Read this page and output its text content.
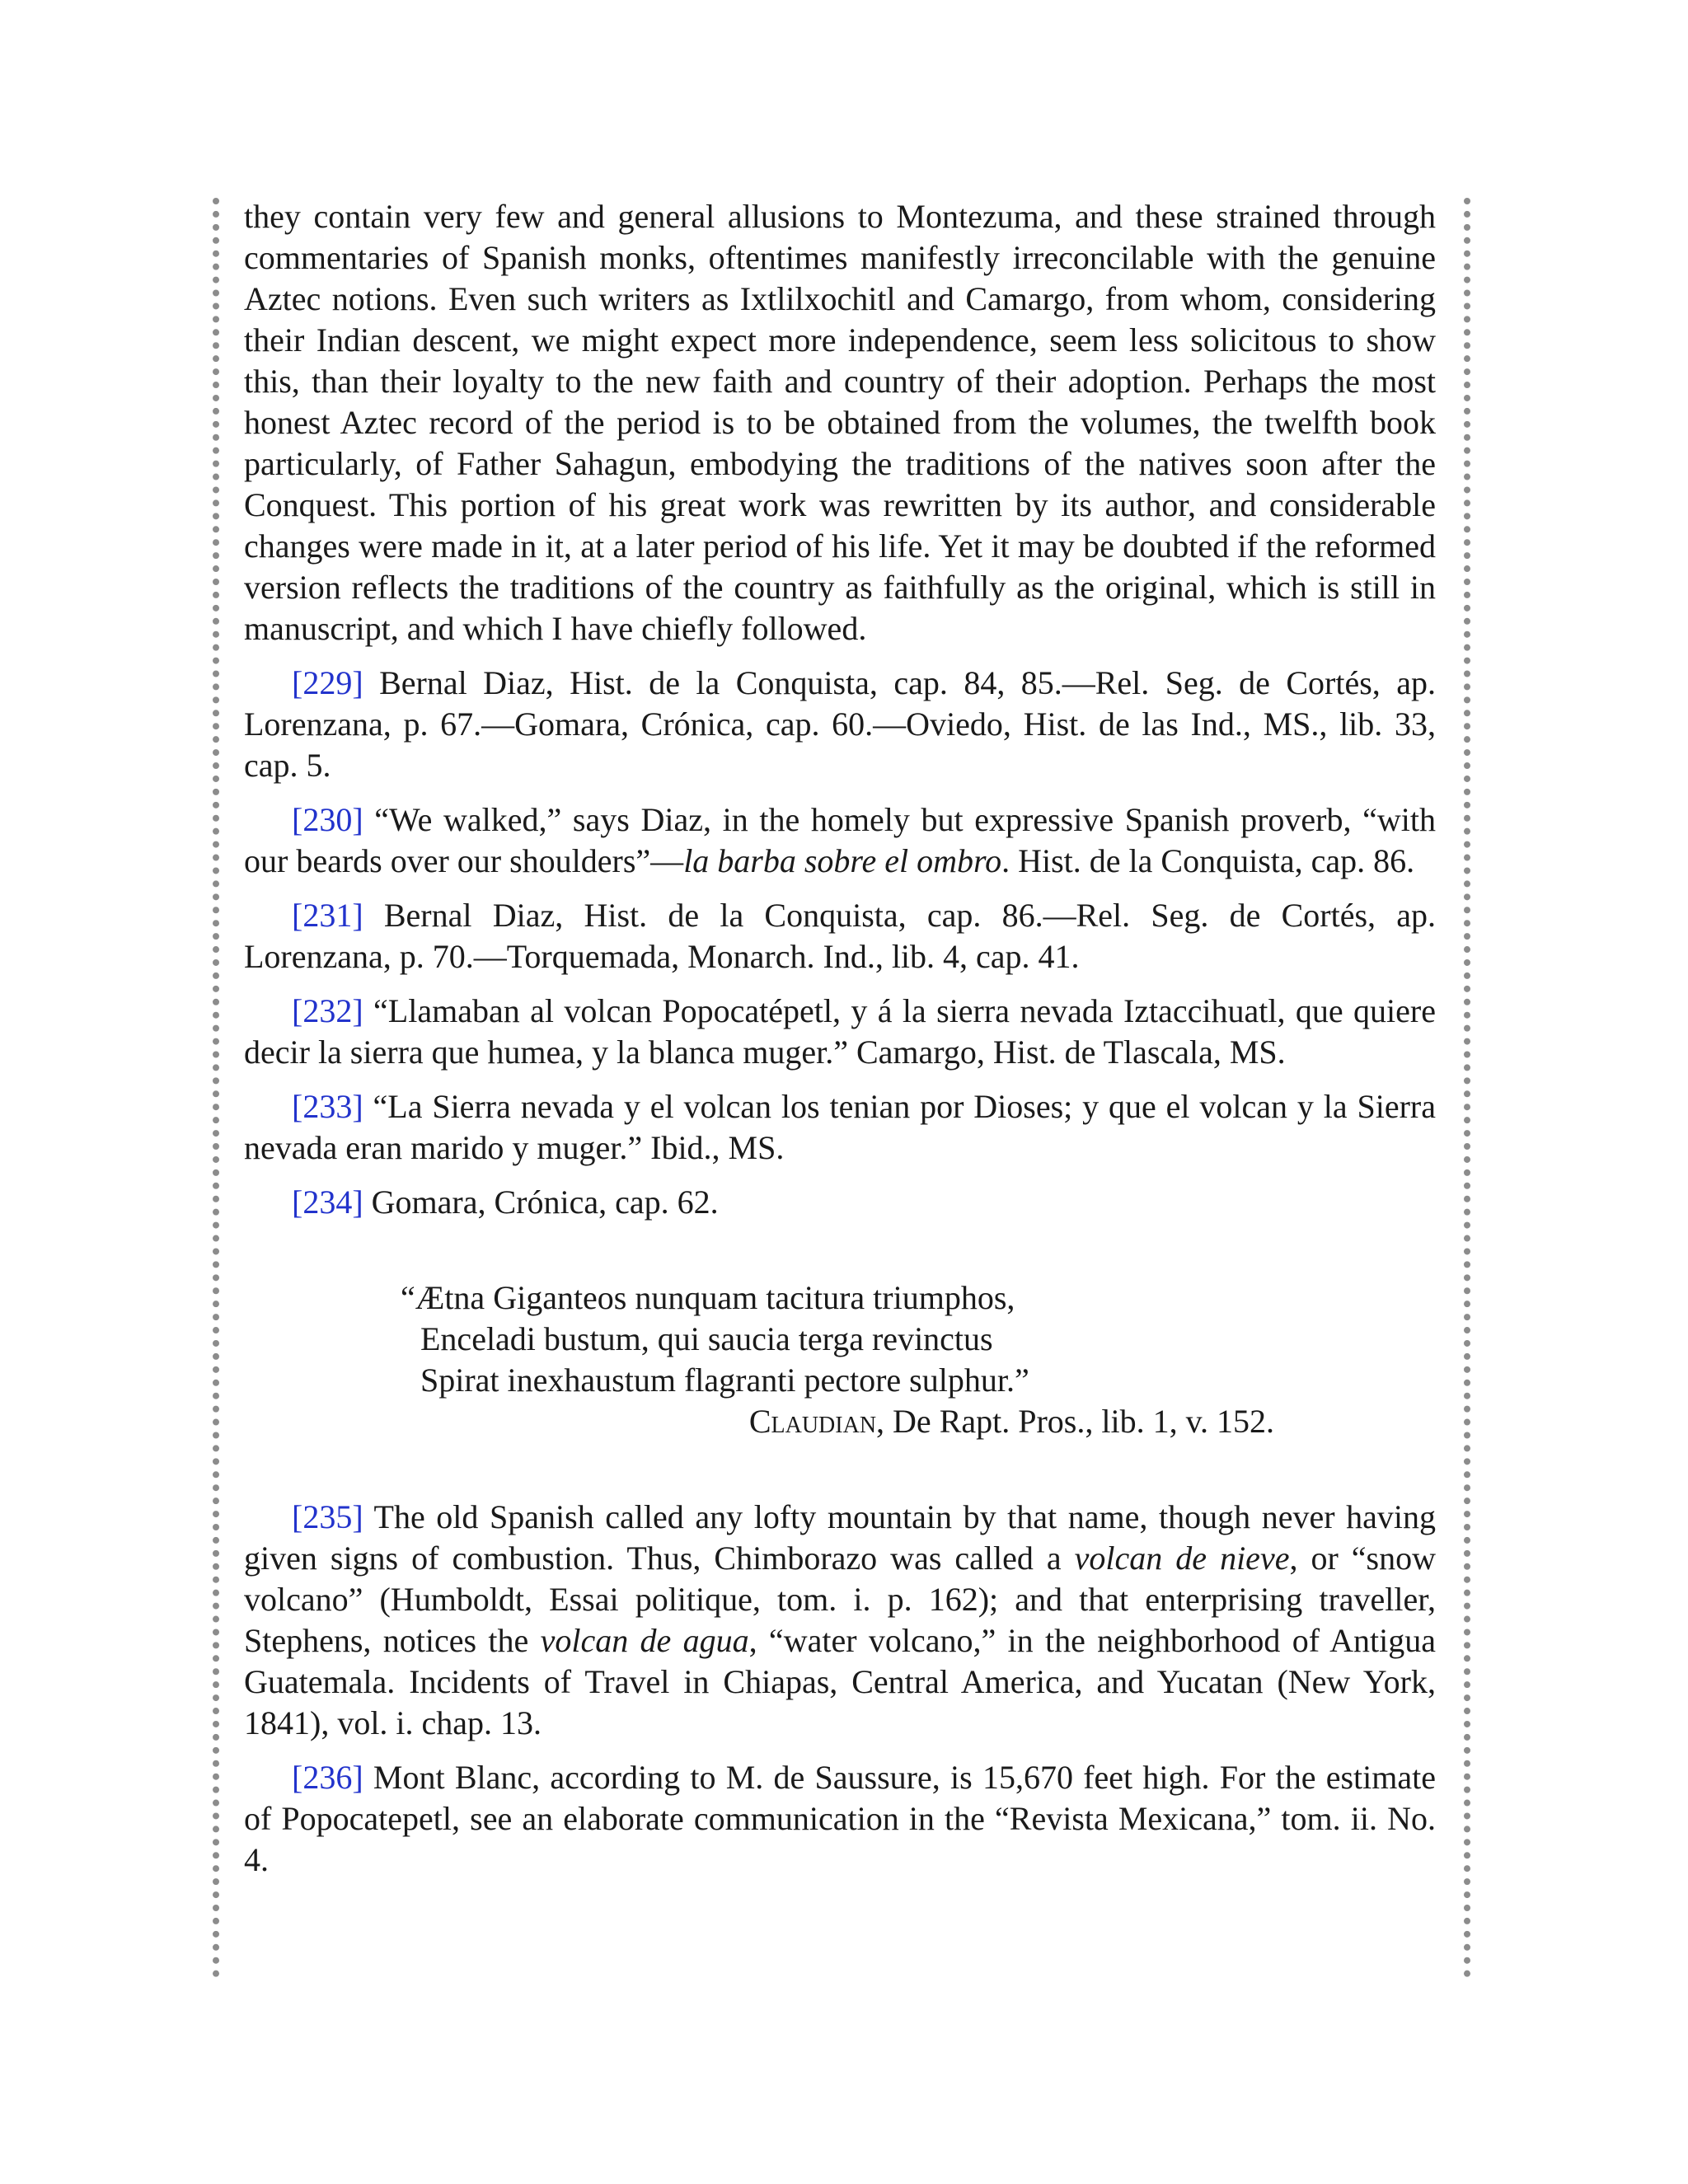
they contain very few and general allusions to Montezuma, and these strained through commentaries of Spanish monks, oftentimes manifestly irreconcilable with the genuine Aztec notions. Even such writers as Ixtlilxochitl and Camargo, from whom, considering their Indian descent, we might expect more independence, seem less solicitous to show this, than their loyalty to the new faith and country of their adoption. Perhaps the most honest Aztec record of the period is to be obtained from the volumes, the twelfth book particularly, of Father Sahagun, embodying the traditions of the natives soon after the Conquest. This portion of his great work was rewritten by its author, and considerable changes were made in it, at a later period of his life. Yet it may be doubted if the reformed version reflects the traditions of the country as faithfully as the original, which is still in manuscript, and which I have chiefly followed.

[229] Bernal Diaz, Hist. de la Conquista, cap. 84, 85.—Rel. Seg. de Cortés, ap. Lorenzana, p. 67.—Gomara, Crónica, cap. 60.—Oviedo, Hist. de las Ind., MS., lib. 33, cap. 5.

[230] “We walked,” says Diaz, in the homely but expressive Spanish proverb, “with our beards over our shoulders”—la barba sobre el ombro. Hist. de la Conquista, cap. 86.

[231] Bernal Diaz, Hist. de la Conquista, cap. 86.—Rel. Seg. de Cortés, ap. Lorenzana, p. 70.—Torquemada, Monarch. Ind., lib. 4, cap. 41.

[232] “Llamaban al volcan Popocatépetl, y á la sierra nevada Iztaccihuatl, que quiere decir la sierra que humea, y la blanca muger.” Camargo, Hist. de Tlascala, MS.

[233] “La Sierra nevada y el volcan los tenian por Dioses; y que el volcan y la Sierra nevada eran marido y muger.” Ibid., MS.

[234] Gomara, Crónica, cap. 62.

“Ætna Giganteos nunquam tacitura triumphos,
Enceladi bustum, qui saucia terga revinctus
Spirat inexhaustum flagranti pectore sulphur.”
Claudian, De Rapt. Pros., lib. 1, v. 152.

[235] The old Spanish called any lofty mountain by that name, though never having given signs of combustion. Thus, Chimborazo was called a volcan de nieve, or “snow volcano” (Humboldt, Essai politique, tom. i. p. 162); and that enterprising traveller, Stephens, notices the volcan de agua, “water volcano,” in the neighborhood of Antigua Guatemala. Incidents of Travel in Chiapas, Central America, and Yucatan (New York, 1841), vol. i. chap. 13.

[236] Mont Blanc, according to M. de Saussure, is 15,670 feet high. For the estimate of Popocatepetl, see an elaborate communication in the “Revista Mexicana,” tom. ii. No. 4.
